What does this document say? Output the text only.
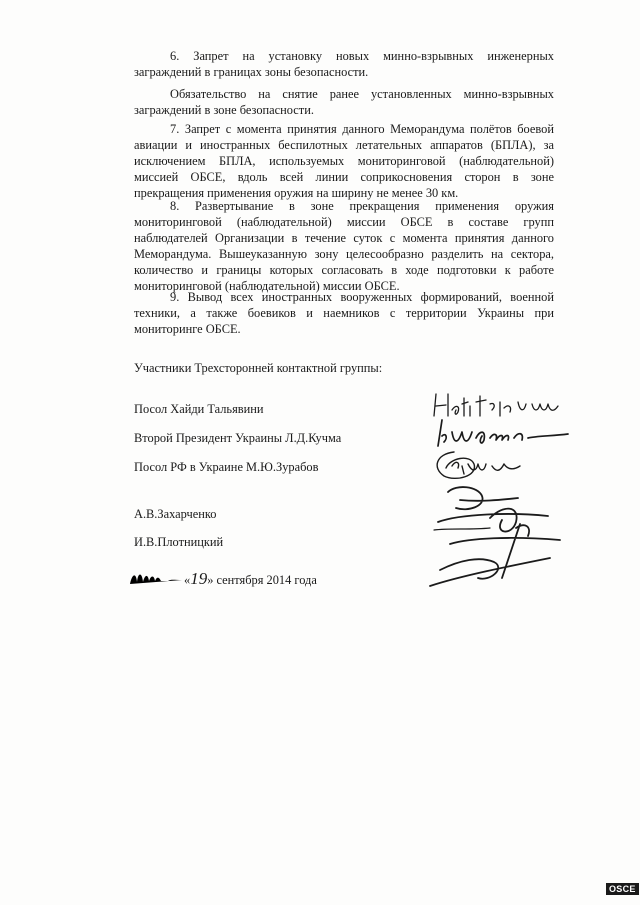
6. Запрет на установку новых минно-взрывных инженерных
заграждений в границах зоны безопасности.
Обязательство на снятие ранее установленных минно-взрывных
заграждений в зоне безопасности.
7. Запрет с момента принятия данного Меморандума полётов боевой
авиации и иностранных беспилотных летательных аппаратов (БПЛА), за
исключением БПЛА, используемых мониторинговой (наблюдательной)
миссией ОБСЕ, вдоль всей линии соприкосновения сторон в зоне
прекращения применения оружия на ширину не менее 30 км.
8. Развертывание в зоне прекращения применения оружия
мониторинговой (наблюдательной) миссии ОБСЕ в составе групп
наблюдателей Организации в течение суток с момента принятия данного
Меморандума. Вышеуказанную зону целесообразно разделить на сектора,
количество и границы которых согласовать в ходе подготовки к работе
мониторинговой (наблюдательной) миссии ОБСЕ.
9. Вывод всех иностранных вооруженных формирований, военной
техники, а также боевиков и наемников с территории Украины при
мониторинге ОБСЕ.
Участники Трехсторонней контактной группы:
Посол Хайди Тальявини
Второй Президент Украины Л.Д.Кучма
Посол РФ в Украине М.Ю.Зурабов
А.В.Захарченко
И.В.Плотницкий
«19» сентября 2014 года
OSCE
